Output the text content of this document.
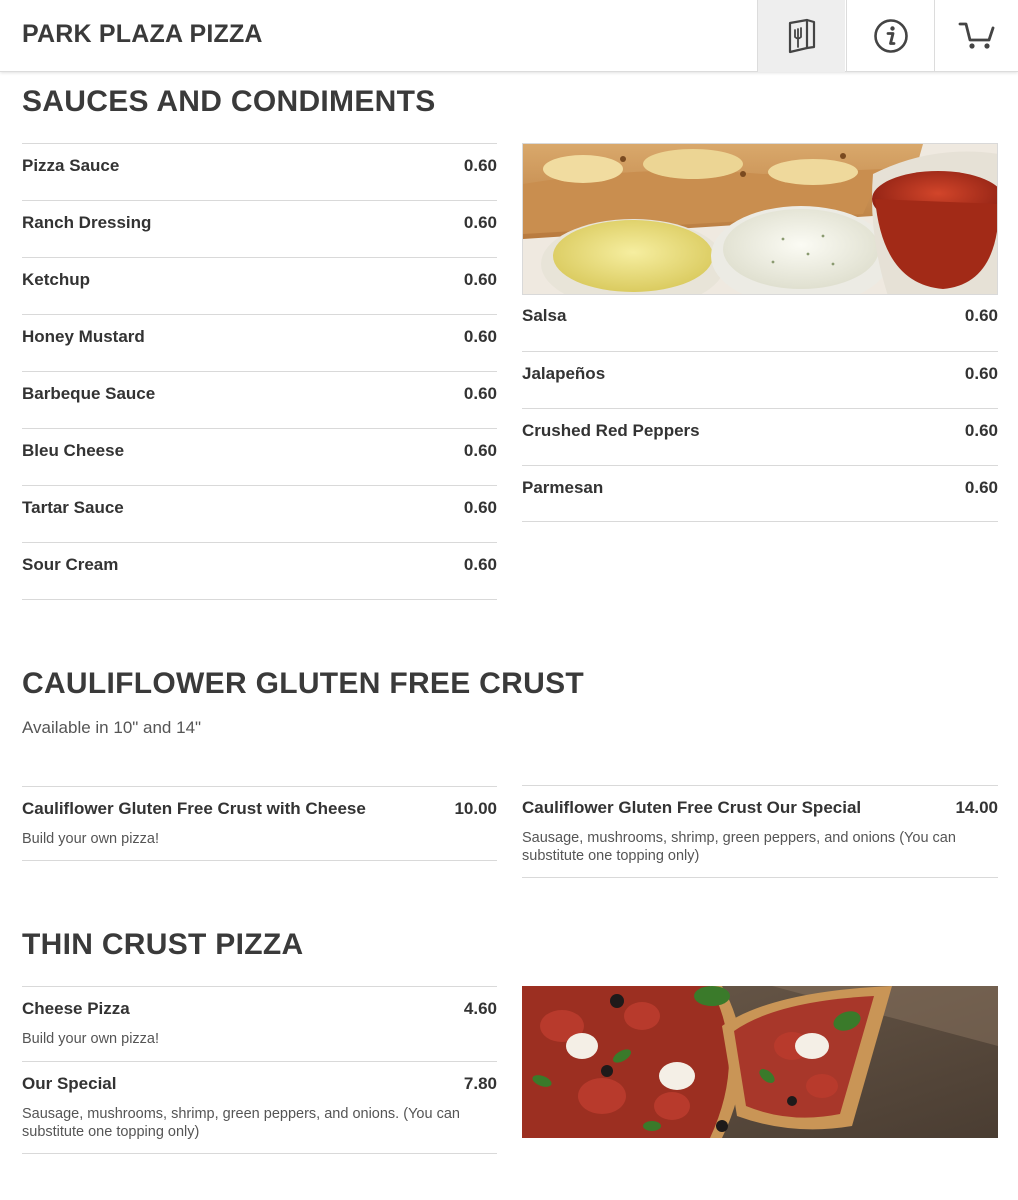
PARK PLAZA PIZZA
SAUCES AND CONDIMENTS
Pizza Sauce	0.60
Ranch Dressing	0.60
Ketchup	0.60
Honey Mustard	0.60
Barbeque Sauce	0.60
Bleu Cheese	0.60
Tartar Sauce	0.60
Sour Cream	0.60
Salsa	0.60
Jalapeños	0.60
Crushed Red Peppers	0.60
Parmesan	0.60
CAULIFLOWER GLUTEN FREE CRUST
Available in 10" and 14"
Cauliflower Gluten Free Crust with Cheese	10.00
Build your own pizza!
Cauliflower Gluten Free Crust Our Special	14.00
Sausage, mushrooms, shrimp, green peppers, and onions (You can substitute one topping only)
THIN CRUST PIZZA
Cheese Pizza	4.60
Build your own pizza!
Our Special	7.80
Sausage, mushrooms, shrimp, green peppers, and onions. (You can substitute one topping only)
